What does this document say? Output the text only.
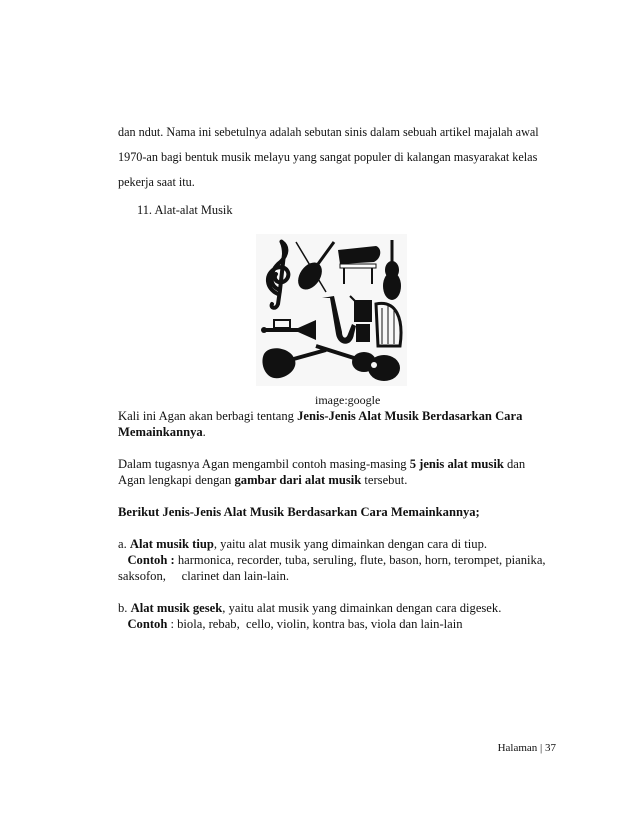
dan ndut. Nama ini sebetulnya adalah sebutan sinis dalam sebuah artikel majalah awal
1970-an bagi bentuk musik melayu yang sangat populer di kalangan masyarakat kelas
pekerja saat itu.
11. Alat-alat Musik
image:google

Kali ini Agan akan berbagi tentang Jenis-Jenis Alat Musik Berdasarkan Cara

Memainkannya.

Dalam tugasnya Agan mengambil contoh masing-masing 5 jenis alat musik dan

Agan lengkapi dengan gambar dari alat musik tersebut.

Berikut Jenis-Jenis Alat Musik Berdasarkan Cara Memainkannya;

a. Alat musik tiup, yaitu alat musik yang dimainkan dengan cara di tiup.

Contoh : harmonica, recorder, tuba, seruling, flute, bason, horn, terompet, pianika,

saksofon,     clarinet dan lain-lain.

b. Alat musik gesek, yaitu alat musik yang dimainkan dengan cara digesek.

Contoh : biola, rebab,  cello, violin, kontra bas, viola dan lain-lain

Halaman | 37
